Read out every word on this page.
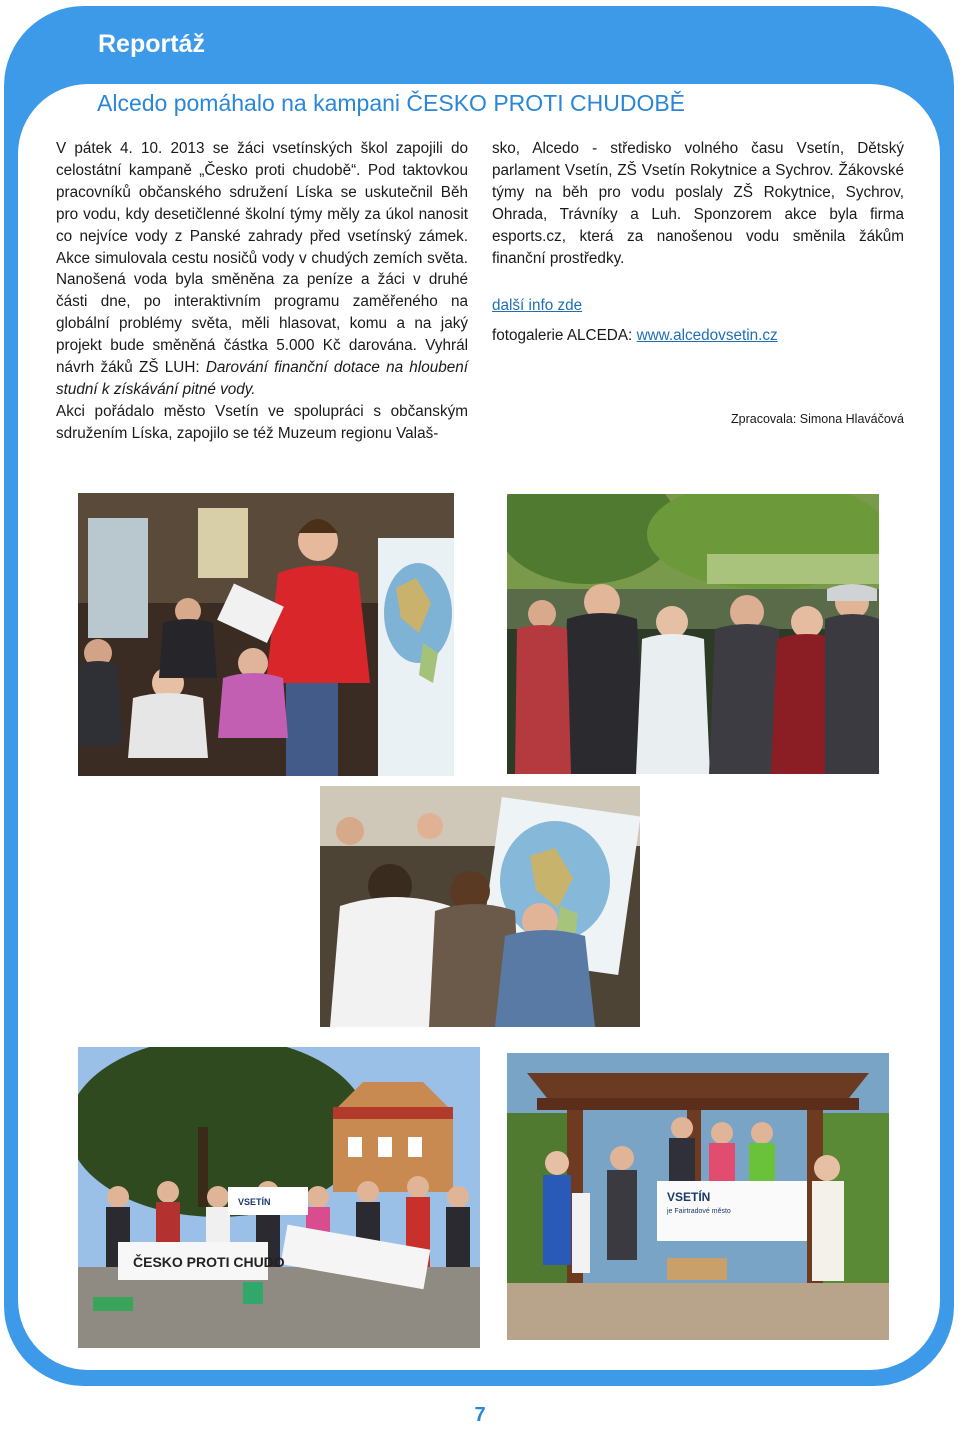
Reportáž
Alcedo pomáhalo na kampani ČESKO PROTI CHUDOBĚ

V pátek 4. 10. 2013 se žáci vsetínských škol zapojili do celostátní kampaně „Česko proti chudobě“. Pod taktovkou pracovníků občanského sdružení Líska se uskutečnil Běh pro vodu, kdy desetičlenné školní týmy měly za úkol nanosit co nejvíce vody z Panské zahrady před vsetínský zámek. Akce simulovala cestu nosičů vody v chudých zemích světa. Nanošená voda byla směněna za peníze a žáci v druhé části dne, po interaktivním programu zaměřeného na globální problémy světa, měli hlasovat, komu a na jaký projekt bude směněná částka 5.000 Kč darována. Vyhrál návrh žáků ZŠ LUH: Darování finanční dotace na hloubení studní k získávání pitné vody.

Akci pořádalo město Vsetín ve spolupráci s občanským sdružením Líska, zapojilo se též Muzeum regionu Valaš-

sko, Alcedo - středisko volného času Vsetín, Dětský parlament Vsetín, ZŠ Vsetín Rokytnice a Sychrov. Žákovské týmy na běh pro vodu poslaly ZŠ Rokytnice, Sychrov, Ohrada, Trávníky a Luh. Sponzorem akce byla firma esports.cz, která za nanošenou vodu směnila žákům finanční prostředky.

další info zde

fotogalerie ALCEDA: www.alcedovsetin.cz

Zpracovala: Simona Hlaváčová
ČESKO PROTI CHUDO
VSETÍN	VSETÍN
je Fairtradové město
7
